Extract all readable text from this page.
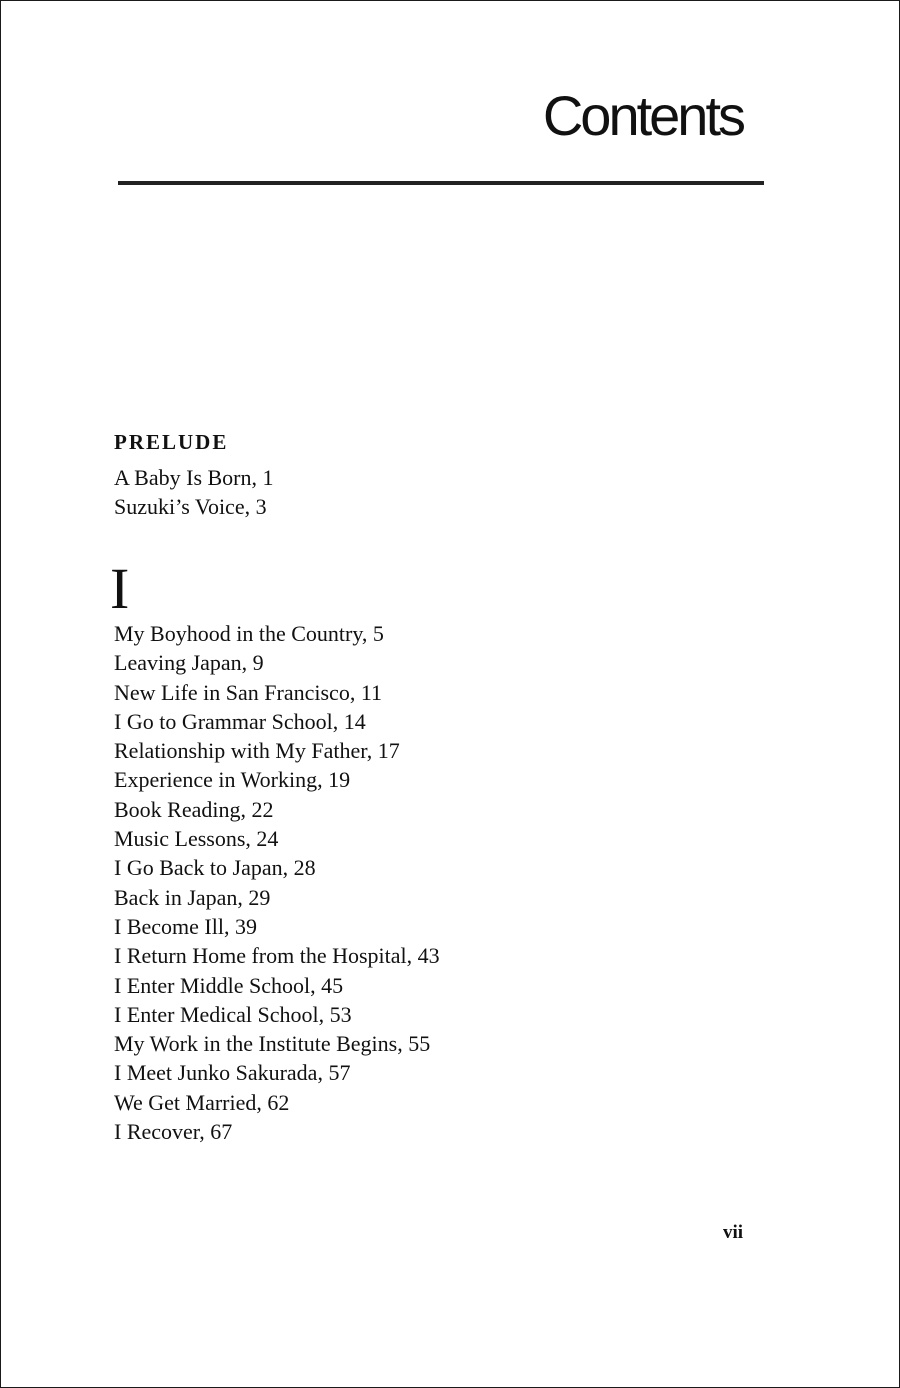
Contents
PRELUDE
A Baby Is Born, 1
Suzuki’s Voice, 3
I
My Boyhood in the Country, 5
Leaving Japan, 9
New Life in San Francisco, 11
I Go to Grammar School, 14
Relationship with My Father, 17
Experience in Working, 19
Book Reading, 22
Music Lessons, 24
I Go Back to Japan, 28
Back in Japan, 29
I Become Ill, 39
I Return Home from the Hospital, 43
I Enter Middle School, 45
I Enter Medical School, 53
My Work in the Institute Begins, 55
I Meet Junko Sakurada, 57
We Get Married, 62
I Recover, 67
vii
